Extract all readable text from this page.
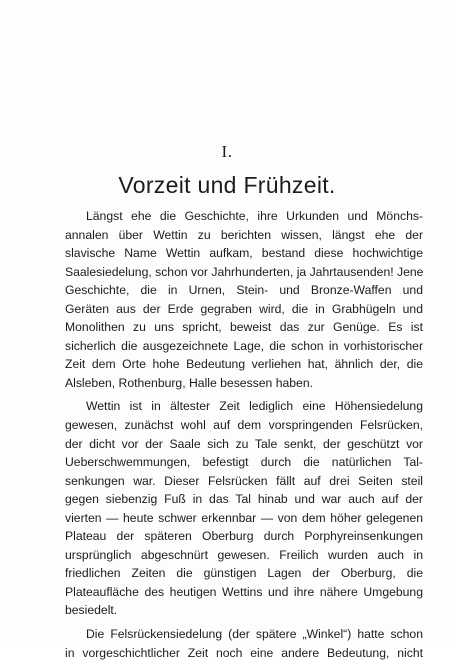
I.
Vorzeit und Frühzeit.
Längst ehe die Geschichte, ihre Urkunden und Mönchs-
annalen über Wettin zu berichten wissen, längst ehe der
slavische Name Wettin aufkam, bestand diese hochwichtige
Saalesiedelung, schon vor Jahrhunderten, ja Jahrtausenden! Jene
Geschichte, die in Urnen, Stein- und Bronze-Waffen und
Geräten aus der Erde gegraben wird, die in Grabhügeln und
Monolithen zu uns spricht, beweist das zur Genüge. Es ist
sicherlich die ausgezeichnete Lage, die schon in vorhistorischer
Zeit dem Orte hohe Bedeutung verliehen hat, ähnlich der, die
Alsleben, Rothenburg, Halle besessen haben.
Wettin ist in ältester Zeit lediglich eine Höhensiedelung
gewesen, zunächst wohl auf dem vorspringenden Felsrücken,
der dicht vor der Saale sich zu Tale senkt, der geschützt vor
Ueberschwemmungen, befestigt durch die natürlichen Tal-
senkungen war. Dieser Felsrücken fällt auf drei Seiten steil
gegen siebenzig Fuß in das Tal hinab und war auch auf der
vierten — heute schwer erkennbar — von dem höher gelegenen
Plateau der späteren Oberburg durch Porphyreinsenkungen
ursprünglich abgeschnürt gewesen. Freilich wurden auch in
friedlichen Zeiten die günstigen Lagen der Oberburg, die
Plateaufläche des heutigen Wettins und ihre nähere Umgebung
besiedelt.
Die Felsrückensiedelung (der spätere „Winkel“) hatte schon
in vorgeschichtlicher Zeit noch eine andere Bedeutung, nicht
